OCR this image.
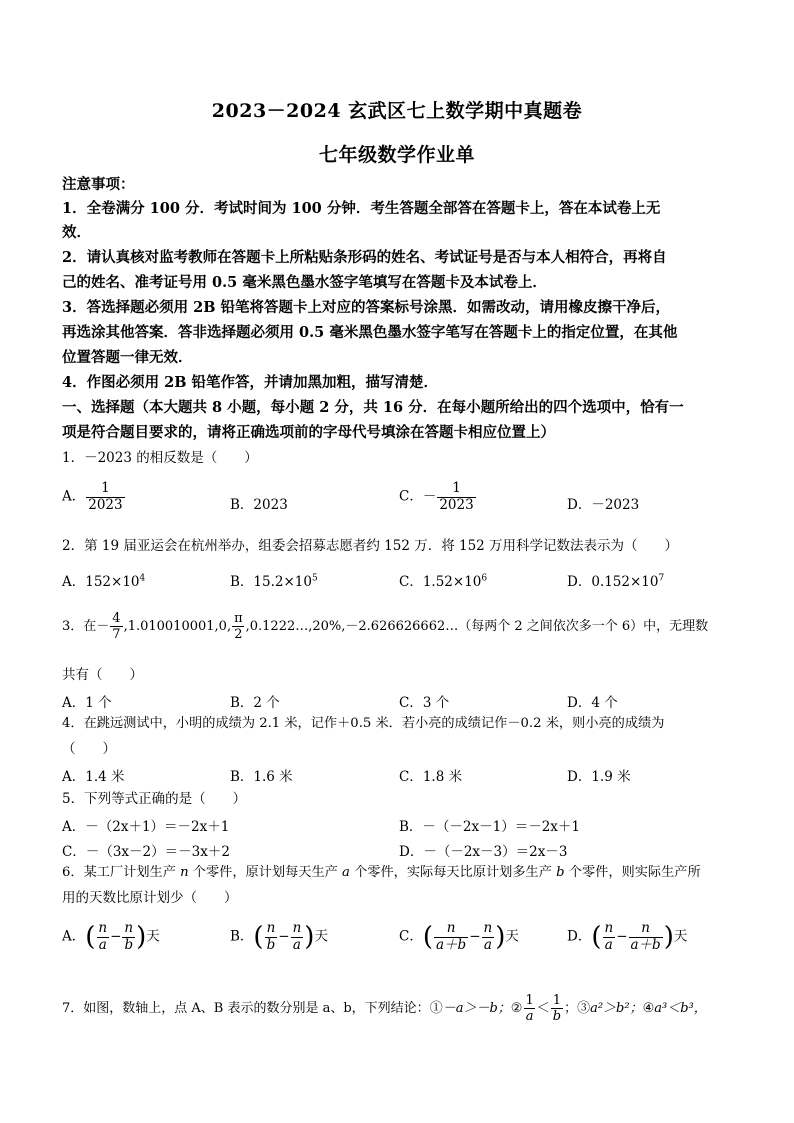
2023－2024 玄武区七上数学期中真题卷
七年级数学作业单
注意事项：
1．全卷满分 100 分．考试时间为 100 分钟．考生答题全部答在答题卡上，答在本试卷上无
效．
2．请认真核对监考教师在答题卡上所粘贴条形码的姓名、考试证号是否与本人相符合，再将自
己的姓名、准考证号用 0.5 毫米黑色墨水签字笔填写在答题卡及本试卷上．
3．答选择题必须用 2B 铅笔将答题卡上对应的答案标号涂黑．如需改动，请用橡皮擦干净后，
再选涂其他答案．答非选择题必须用 0.5 毫米黑色墨水签字笔写在答题卡上的指定位置，在其他
位置答题一律无效．
4．作图必须用 2B 铅笔作答，并请加黑加粗，描写清楚．
一、选择题（本大题共 8 小题，每小题 2 分，共 16 分．在每小题所给出的四个选项中，恰有一
项是符合题目要求的，请将正确选项前的字母代号填涂在答题卡相应位置上）
1．－2023 的相反数是（　　）
A． $\frac{1}{2023}$	B．2023
C．－ $\frac{1}{2023}$	D．－2023
2．第 19 届亚运会在杭州举办，组委会招募志愿者约 152 万．将 152 万用科学记数法表示为（　　）
A．$152\times 10^4$	B．$15.2\times 10^5$	C．$1.52\times 10^6$	D．$0.152\times 10^7$
3．在－ $\frac{4}{7} ,1.010010001,0$, $\frac{\pi}{2}$ ,0.1222…,20%,－2.626626662…（每两个 2 之间依次多一个 6）中，无理数
共有（　　）
A．1 个	B．2 个	C．3 个	D．4 个
4．在跳远测试中，小明的成绩为 2.1 米，记作＋0.5 米．若小亮的成绩记作－0.2 米，则小亮的成绩为
（　　）
A．1.4 米	B．1.6 米	C．1.8 米	D．1.9 米
5．下列等式正确的是（　　）
A．－（2x＋1）＝－2x＋1	B．－（－2x－1）＝－2x＋1
C．－（3x－2）＝－3x＋2	D．－（－2x－3）＝2x－3
6．某工厂计划生产 n 个零件，原计划每天生产 a 个零件，实际每天比原计划多生产 b 个零件，则实际生产所
用的天数比原计划少（　　）
A．( $\frac{n}{a} - \frac{n}{b}$ )天	B．( $\frac{n}{b} - \frac{n}{a}$ )天	C．( $\frac{n}{a+b} - \frac{n}{a}$ )天	D．( $\frac{n}{a} - \frac{n}{a+b}$ )天
7．如图，数轴上，点 A、B 表示的数分别是 a、b，下列结论：①－a＞－b；② $\frac{1}{a} < \frac{1}{b}$ ；③a²＞b²；④a³＜b³，
